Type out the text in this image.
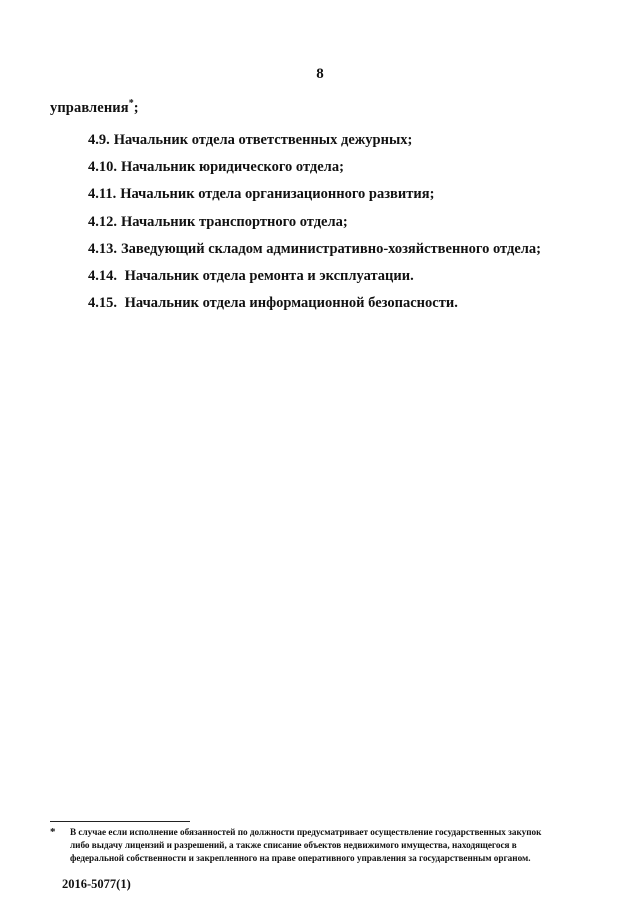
8
управления*;
4.9. Начальник отдела ответственных дежурных;
4.10. Начальник юридического отдела;
4.11. Начальник отдела организационного развития;
4.12. Начальник транспортного отдела;
4.13. Заведующий складом административно-хозяйственного отдела;
4.14. Начальник отдела ремонта и эксплуатации.
4.15. Начальник отдела информационной безопасности.
* В случае если исполнение обязанностей по должности предусматривает осуществление государственных закупок
либо выдачу лицензий и разрешений, а также списание объектов недвижимого имущества, находящегося в
федеральной собственности и закрепленного на праве оперативного управления за государственным органом.
2016-5077(1)
